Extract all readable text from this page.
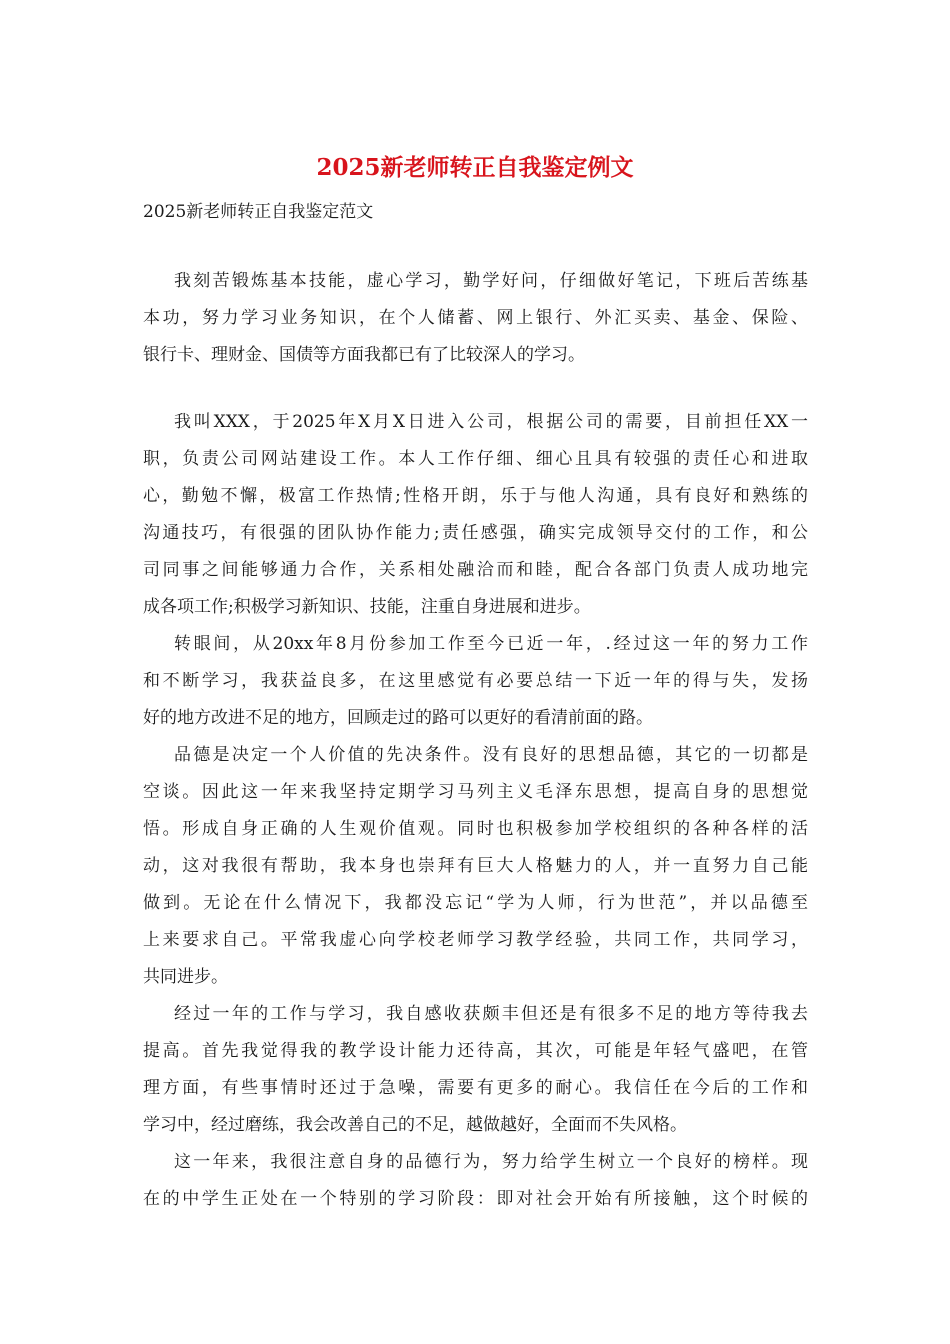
2025新老师转正自我鉴定例文

2025新老师转正自我鉴定范文

我刻苦锻炼基本技能，虚心学习，勤学好问，仔细做好笔记，下班后苦练基
本功，努力学习业务知识，在个人储蓄、网上银行、外汇买卖、基金、保险、
银行卡、理财金、国债等方面我都已有了比较深人的学习。
我叫XXX，于2025年X月X日进入公司，根据公司的需要，目前担任XX一
职，负责公司网站建设工作。本人工作仔细、细心且具有较强的责任心和进取
心，勤勉不懈，极富工作热情;性格开朗，乐于与他人沟通，具有良好和熟练的
沟通技巧，有很强的团队协作能力;责任感强，确实完成领导交付的工作，和公
司同事之间能够通力合作，关系相处融洽而和睦，配合各部门负责人成功地完
成各项工作;积极学习新知识、技能，注重自身进展和进步。
转眼间，从20xx年8月份参加工作至今已近一年，.经过这一年的努力工作
和不断学习，我获益良多，在这里感觉有必要总结一下近一年的得与失，发扬
好的地方改进不足的地方，回顾走过的路可以更好的看清前面的路。
品德是决定一个人价值的先决条件。没有良好的思想品德，其它的一切都是
空谈。因此这一年来我坚持定期学习马列主义毛泽东思想，提高自身的思想觉
悟。形成自身正确的人生观价值观。同时也积极参加学校组织的各种各样的活
动，这对我很有帮助，我本身也崇拜有巨大人格魅力的人，并一直努力自己能
做到。无论在什么情况下，我都没忘记“学为人师，行为世范”，并以品德至
上来要求自己。平常我虚心向学校老师学习教学经验，共同工作，共同学习，
共同进步。
经过一年的工作与学习，我自感收获颇丰但还是有很多不足的地方等待我去
提高。首先我觉得我的教学设计能力还待高，其次，可能是年轻气盛吧，在管
理方面，有些事情时还过于急噪，需要有更多的耐心。我信任在今后的工作和
学习中，经过磨练，我会改善自己的不足，越做越好，全面而不失风格。
这一年来，我很注意自身的品德行为，努力给学生树立一个良好的榜样。现
在的中学生正处在一个特别的学习阶段：即对社会开始有所接触，这个时候的
